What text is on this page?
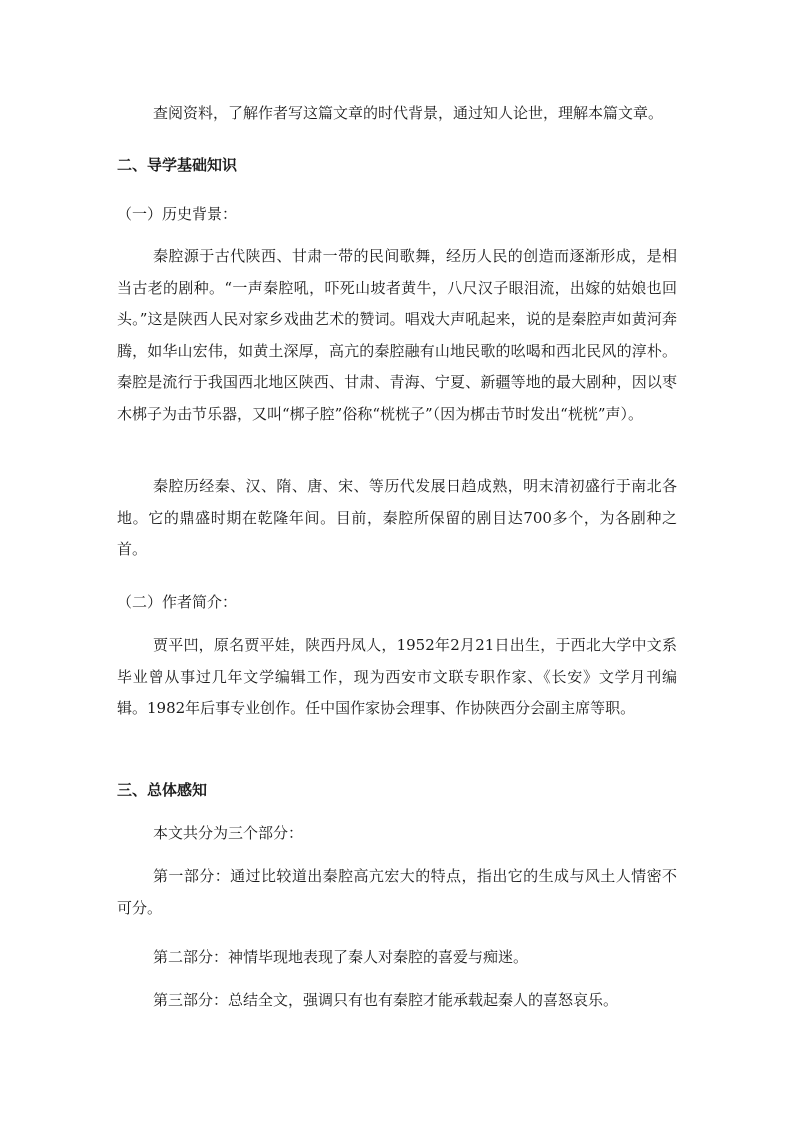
查阅资料，了解作者写这篇文章的时代背景，通过知人论世，理解本篇文章。

二、导学基础知识

（一）历史背景：

秦腔源于古代陕西、甘肃一带的民间歌舞，经历人民的创造而逐渐形成，是相当古老的剧种。“一声秦腔吼，吓死山坡者黄牛，八尺汉子眼泪流，出嫁的姑娘也回头。”这是陕西人民对家乡戏曲艺术的赞词。唱戏大声吼起来，说的是秦腔声如黄河奔腾，如华山宏伟，如黄土深厚，高亢的秦腔融有山地民歌的吆喝和西北民风的淳朴。秦腔是流行于我国西北地区陕西、甘肃、青海、宁夏、新疆等地的最大剧种，因以枣木梆子为击节乐器，又叫“梆子腔”俗称“桄桄子”（因为梆击节时发出“桄桄”声）。

秦腔历经秦、汉、隋、唐、宋、等历代发展日趋成熟，明末清初盛行于南北各地。它的鼎盛时期在乾隆年间。目前，秦腔所保留的剧目达700多个，为各剧种之首。

（二）作者简介：

贾平凹，原名贾平娃，陕西丹凤人，1952年2月21日出生，于西北大学中文系毕业曾从事过几年文学编辑工作，现为西安市文联专职作家、《长安》文学月刊编辑。1982年后事专业创作。任中国作家协会理事、作协陕西分会副主席等职。

三、总体感知

本文共分为三个部分：

第一部分：通过比较道出秦腔高亢宏大的特点，指出它的生成与风土人情密不可分。

第二部分：神情毕现地表现了秦人对秦腔的喜爱与痴迷。

第三部分：总结全文，强调只有也有秦腔才能承载起秦人的喜怒哀乐。
